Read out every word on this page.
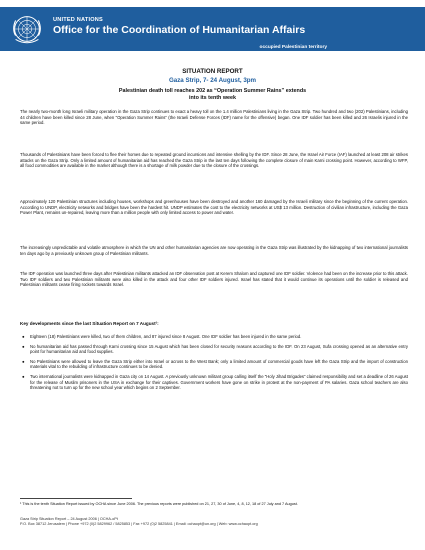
UNITED NATIONS
Office for the Coordination of Humanitarian Affairs
occupied Palestinian territory
SITUATION REPORT
Gaza Strip, 7- 24 August, 3pm
Palestinian death toll reaches 202 as “Operation Summer Rains” extends
into its tenth week
The nearly two-month long Israeli military operation in the Gaza Strip continues to exact a heavy toll on the 1.4 million Palestinians living in the Gaza Strip. Two hundred and two (202) Palestinians, including 44 children have been killed since 28 June, when “Operation Summer Rains” (the Israeli Defense Forces (IDF) name for the offensive) began. One IDF soldier has been killed and 26 Israelis injured in the same period.
Thousands of Palestinians have been forced to flee their homes due to repeated ground incursions and intensive shelling by the IDF. Since 28 June, the Israel Air Force (IAF) launched at least 208 air strikes attacks on the Gaza Strip. Only a limited amount of humanitarian aid has reached the Gaza Strip in the last ten days following the complete closure of main Karni crossing point. However, according to WFP, all food commodities are available in the market although there is a shortage of milk powder due to the closure of the crossings.
Approximately 120 Palestinian structures including houses, workshops and greenhouses have been destroyed and another 160 damaged by the Israeli military since the beginning of the current operation. According to UNDP, electricity networks and bridges have been the hardest hit. UNDP estimates the cost to the electricity networks at US$ 13 million. Destruction of civilian infrastructure, including the Gaza Power Plant, remains un-repaired, leaving more than a million people with only limited access to power and water.
The increasingly unpredictable and volatile atmosphere in which the UN and other humanitarian agencies are now operating in the Gaza Strip was illustrated by the kidnapping of two international journalists ten days ago by a previously unknown group of Palestinian militants.
The IDF operation was launched three days after Palestinian militants attacked an IDF observation post at Kerem Shalom and captured one IDF soldier. Violence had been on the increase prior to this attack. Two IDF soldiers and two Palestinian militants were also killed in the attack and four other IDF soldiers injured. Israel has stated that it would continue its operations until the soldier is released and Palestinian militants cease firing rockets towards Israel.
Key developments since the last Situation Report on 7 August¹:
● Eighteen (18) Palestinians were killed, two of them children, and 87 injured since 8 August. One IDF soldier has been injured in the same period.
● No humanitarian aid has passed through Karni crossing since 15 August which has been closed for security reasons according to the IDF. On 23 August, Sufa crossing opened as an alternative entry point for humanitarian aid and food supplies.
● No Palestinians were allowed to leave the Gaza Strip either into Israel or across to the West Bank; only a limited amount of commercial goods have left the Gaza Strip and the import of construction materials vital to the rebuilding of infrastructure continues to be denied.
● Two international journalists were kidnapped in Gaza city on 14 August. A previously unknown militant group calling itself the “Holy Jihad Brigades” claimed responsibility and set a deadline of 26 August for the release of Muslim prisoners in the USA in exchange for their captives. Government workers have gone on strike in protest at the non-payment of PA salaries. Gaza school teachers are also threatening not to turn up for the new school year which begins on 2 September.
¹ This is the tenth Situation Report issued by OCHA since June 2006. The previous reports were published on 21, 27, 30 of June, 4, 8, 12, 18 of 27 July and 7 August.
Gaza Strip Situation Report – 24 August 2006 | OCHA-oPt
P.O. Box 38712 Jerusalem | Phone +972 (0)2 5829962 / 5825853 | Fax +972 (0)2 5825841 | Email: ochaopt@un.org | Web: www.ochaopt.org
